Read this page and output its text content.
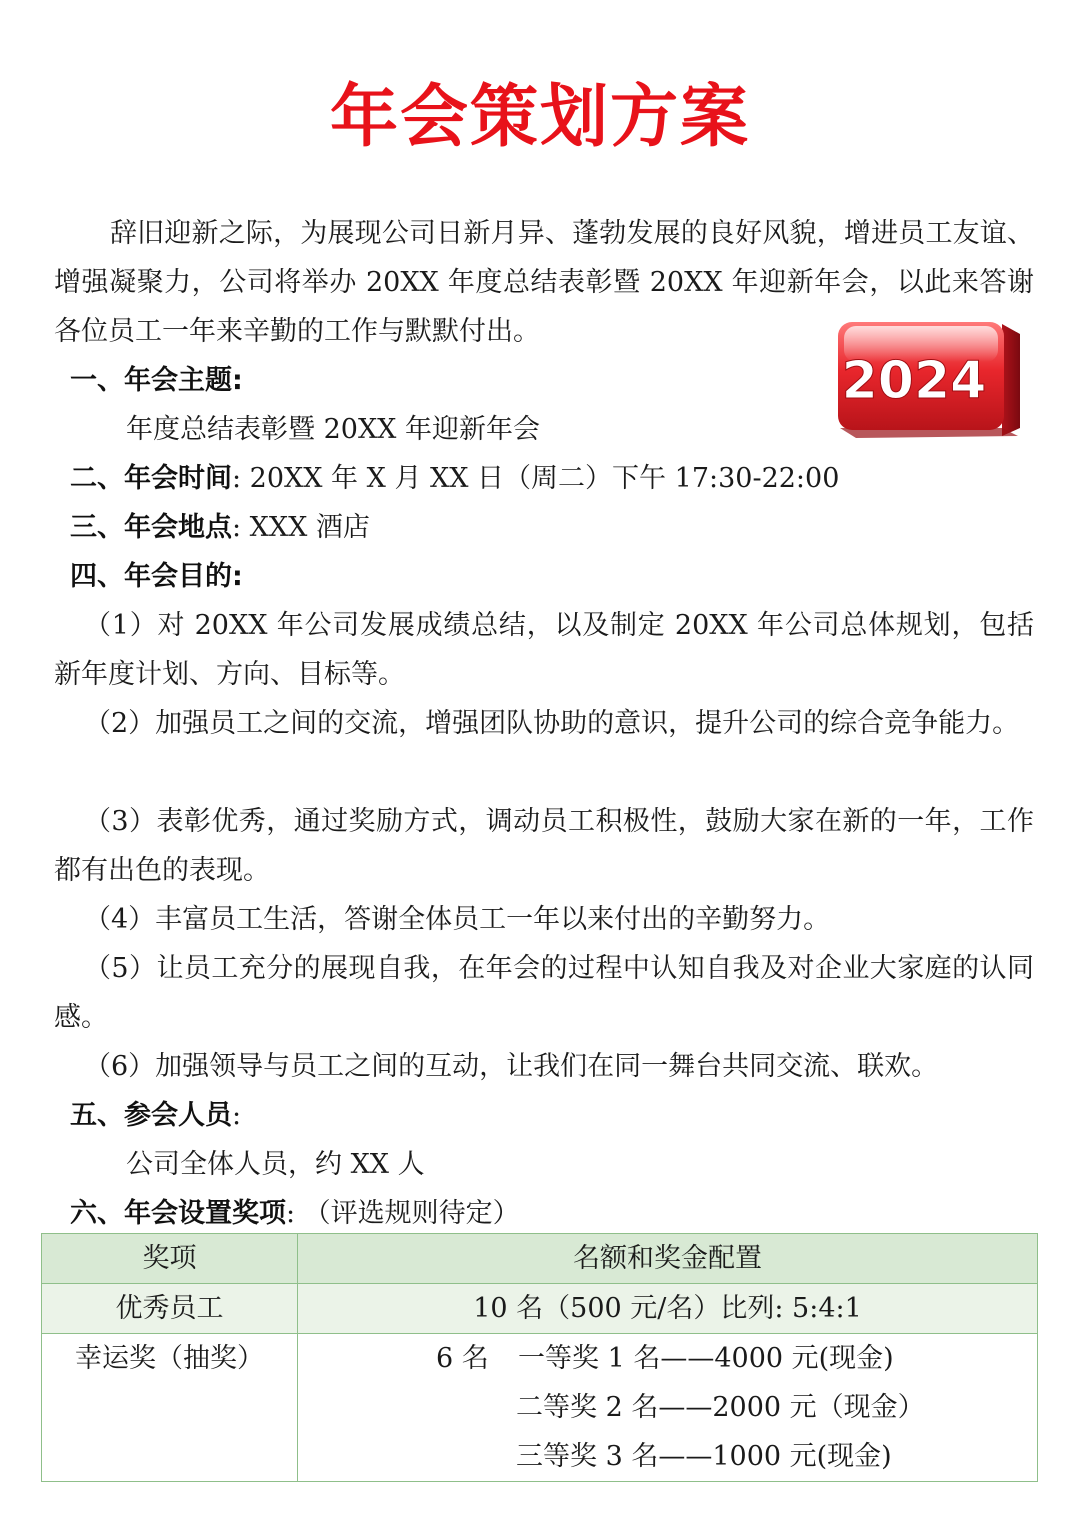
年会策划方案

辞旧迎新之际，为展现公司日新月异、蓬勃发展的良好风貌，增进员工友谊、增强凝聚力，公司将举办 20XX 年度总结表彰暨 20XX 年迎新年会，以此来答谢各位员工一年来辛勤的工作与默默付出。

2024
一、年会主题:
年度总结表彰暨 20XX 年迎新年会
二、年会时间: 20XX 年 X 月 XX 日（周二）下午 17:30-22:00
三、年会地点: XXX 酒店
四、年会目的:

（1）对 20XX 年公司发展成绩总结，以及制定 20XX 年公司总体规划，包括新年度计划、方向、目标等。

（2）加强员工之间的交流，增强团队协助的意识，提升公司的综合竞争能力。

（3）表彰优秀，通过奖励方式，调动员工积极性，鼓励大家在新的一年，工作都有出色的表现。

（4）丰富员工生活，答谢全体员工一年以来付出的辛勤努力。

（5）让员工充分的展现自我，在年会的过程中认知自我及对企业大家庭的认同感。

（6）加强领导与员工之间的互动，让我们在同一舞台共同交流、联欢。

五、参会人员:
公司全体人员，约 XX 人
六、年会设置奖项: （评选规则待定）
奖项	名额和奖金配置
优秀员工	10 名（500 元/名）比列: 5:4:1
幸运奖（抽奖）	6 名 一等奖 1 名——4000 元(现金)
二等奖 2 名——2000 元（现金）
三等奖 3 名——1000 元(现金)
